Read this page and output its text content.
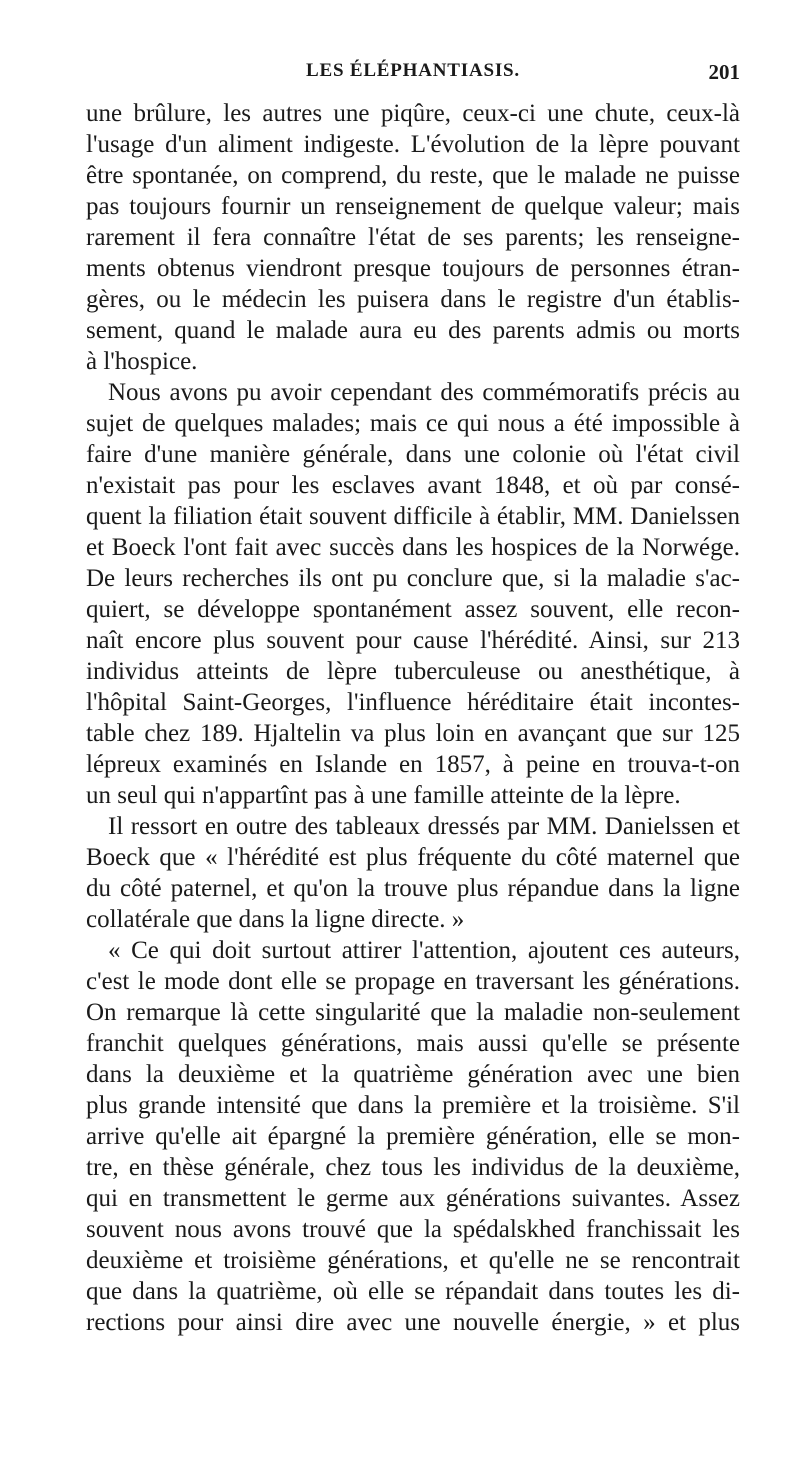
LES ÉLÉPHANTIASIS.	201
une brûlure, les autres une piqûre, ceux-ci une chute, ceux-là
l'usage d'un aliment indigeste. L'évolution de la lèpre pouvant
être spontanée, on comprend, du reste, que le malade ne puisse
pas toujours fournir un renseignement de quelque valeur; mais
rarement il fera connaître l'état de ses parents; les renseigne-
ments obtenus viendront presque toujours de personnes étran-
gères, ou le médecin les puisera dans le registre d'un établis-
sement, quand le malade aura eu des parents admis ou morts
à l'hospice.
Nous avons pu avoir cependant des commémoratifs précis au
sujet de quelques malades; mais ce qui nous a été impossible à
faire d'une manière générale, dans une colonie où l'état civil
n'existait pas pour les esclaves avant 1848, et où par consé-
quent la filiation était souvent difficile à établir, MM. Danielssen
et Boeck l'ont fait avec succès dans les hospices de la Norwége.
De leurs recherches ils ont pu conclure que, si la maladie s'ac-
quiert, se développe spontanément assez souvent, elle recon-
naît encore plus souvent pour cause l'hérédité. Ainsi, sur 213
individus atteints de lèpre tuberculeuse ou anesthétique, à
l'hôpital Saint-Georges, l'influence héréditaire était incontes-
table chez 189. Hjaltelin va plus loin en avançant que sur 125
lépreux examinés en Islande en 1857, à peine en trouva-t-on
un seul qui n'appartînt pas à une famille atteinte de la lèpre.
Il ressort en outre des tableaux dressés par MM. Danielssen et
Boeck que « l'hérédité est plus fréquente du côté maternel que
du côté paternel, et qu'on la trouve plus répandue dans la ligne
collatérale que dans la ligne directe. »
« Ce qui doit surtout attirer l'attention, ajoutent ces auteurs,
c'est le mode dont elle se propage en traversant les générations.
On remarque là cette singularité que la maladie non-seulement
franchit quelques générations, mais aussi qu'elle se présente
dans la deuxième et la quatrième génération avec une bien
plus grande intensité que dans la première et la troisième. S'il
arrive qu'elle ait épargné la première génération, elle se mon-
tre, en thèse générale, chez tous les individus de la deuxième,
qui en transmettent le germe aux générations suivantes. Assez
souvent nous avons trouvé que la spédalskhed franchissait les
deuxième et troisième générations, et qu'elle ne se rencontrait
que dans la quatrième, où elle se répandait dans toutes les di-
rections pour ainsi dire avec une nouvelle énergie, » et plus
